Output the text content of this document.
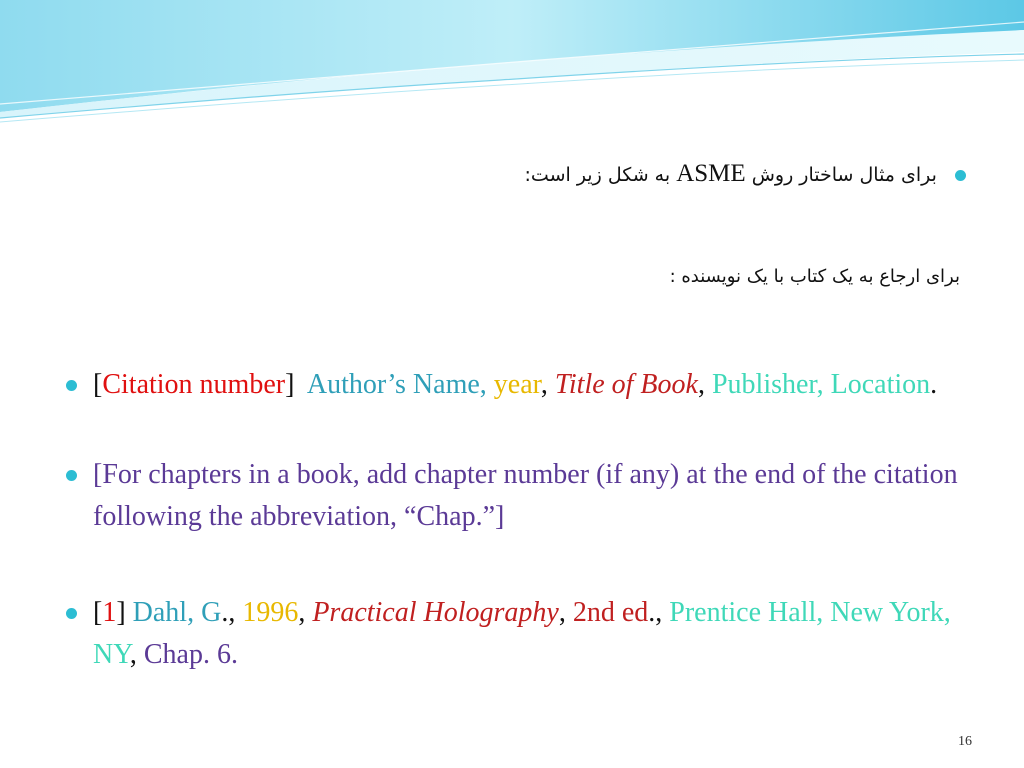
برای مثال ساختار روش ASME به شکل زیر است:
برای ارجاع به یک کتاب با یک نویسنده :
[Citation number] Author’s Name, year, Title of Book, Publisher, Location.
[For chapters in a book, add chapter number (if any) at the end of the citation following the abbreviation, “Chap.”]
[1] Dahl, G., 1996, Practical Holography, 2nd ed., Prentice Hall, New York, NY, Chap. 6.
16
